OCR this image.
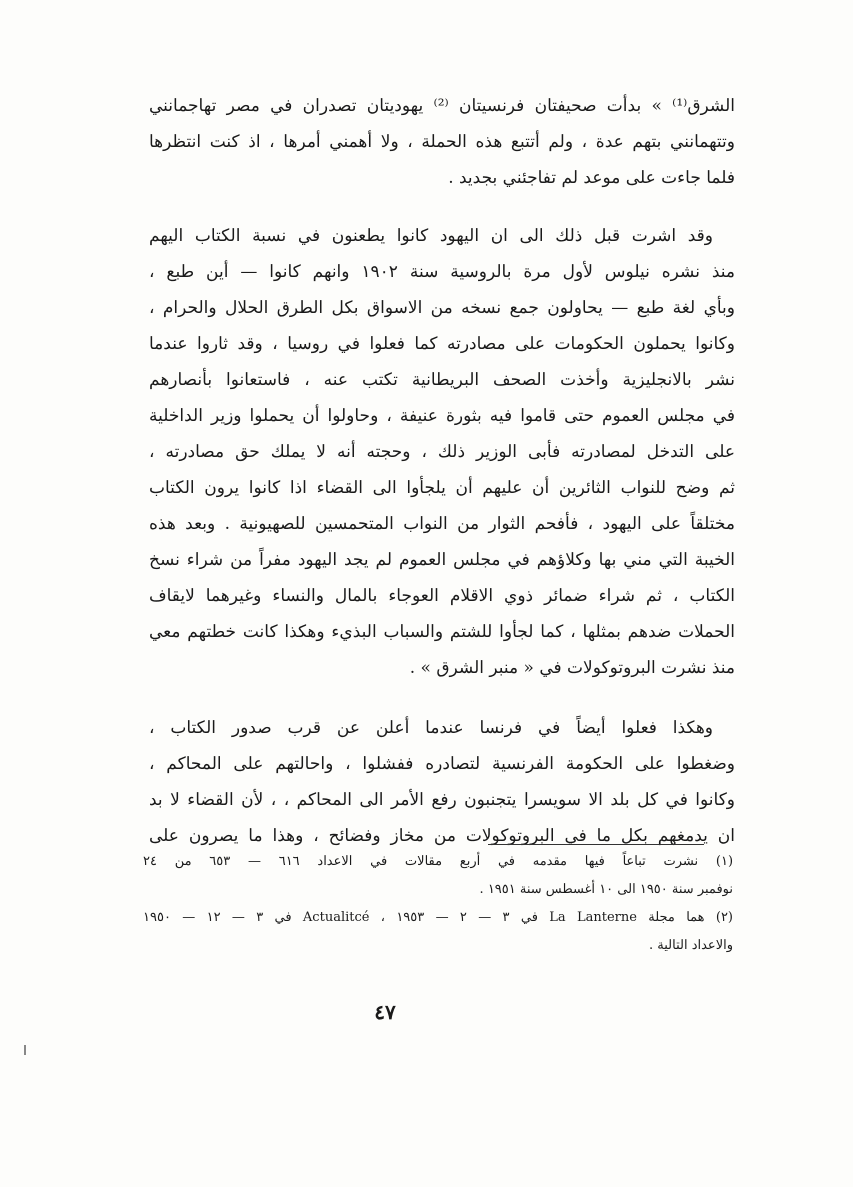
الشرق⁽¹⁾ » بدأت صحيفتان فرنسيتان ⁽²⁾ يهوديتان تصدران في مصر تهاجمانني
وتتهمانني بتهم عدة ، ولم أتتبع هذه الحملة ، ولا أهمني أمرها ، اذ كنت انتظرها
فلما جاءت على موعد لم تفاجئني بجديد .
وقد اشرت قبل ذلك الى ان اليهود كانوا يطعنون في نسبة الكتاب اليهم
منذ نشره نيلوس لأول مرة بالروسية سنة ١٩٠٢ وانهم كانوا — أين طبع ،
وبأي لغة طبع — يحاولون جمع نسخه من الاسواق بكل الطرق الحلال والحرام ،
وكانوا يحملون الحكومات على مصادرته كما فعلوا في روسيا ، وقد ثاروا عندما
نشر بالانجليزية وأخذت الصحف البريطانية تكتب عنه ، فاستعانوا بأنصارهم
في مجلس العموم حتى قاموا فيه بثورة عنيفة ، وحاولوا أن يحملوا وزير الداخلية
على التدخل لمصادرته فأبى الوزير ذلك ، وحجته أنه لا يملك حق مصادرته ،
ثم وضح للنواب الثائرين أن عليهم أن يلجأوا الى القضاء اذا كانوا يرون الكتاب
مختلقاً على اليهود ، فأفحم الثوار من النواب المتحمسين للصهيونية . وبعد هذه
الخيبة التي مني بها وكلاؤهم في مجلس العموم لم يجد اليهود مفراً من شراء نسخ
الكتاب ، ثم شراء ضمائر ذوي الاقلام العوجاء بالمال والنساء وغيرهما لايقاف
الحملات ضدهم بمثلها ، كما لجأوا للشتم والسباب البذيء وهكذا كانت خطتهم معي
منذ نشرت البروتوكولات في « منبر الشرق » .
وهكذا فعلوا أيضاً في فرنسا عندما أعلن عن قرب صدور الكتاب ،
وضغطوا على الحكومة الفرنسية لتصادره ففشلوا ، واحالتهم على المحاكم ،
وكانوا في كل بلد الا سويسرا يتجنبون رفع الأمر الى المحاكم ، ، لأن القضاء لا بد
ان يدمغهم بكل ما في البروتوكولات من مخاز وفضائح ، وهذا ما يصرون على
(١) نشرت تباعاً فيها مقدمه في أربع مقالات في الاعداد ٦١٦ — ٦٥٣ من ٢٤
نوفمبر سنة ١٩٥٠ الى ١٠ أغسطس سنة ١٩٥١ .
(٢) هما مجلة La Lanterne في ٣ — ٢ — ١٩٥٣ ، Actualitcé في ٣ — ١٢ — ١٩٥٠
والاعداد التالية .
٤٧
